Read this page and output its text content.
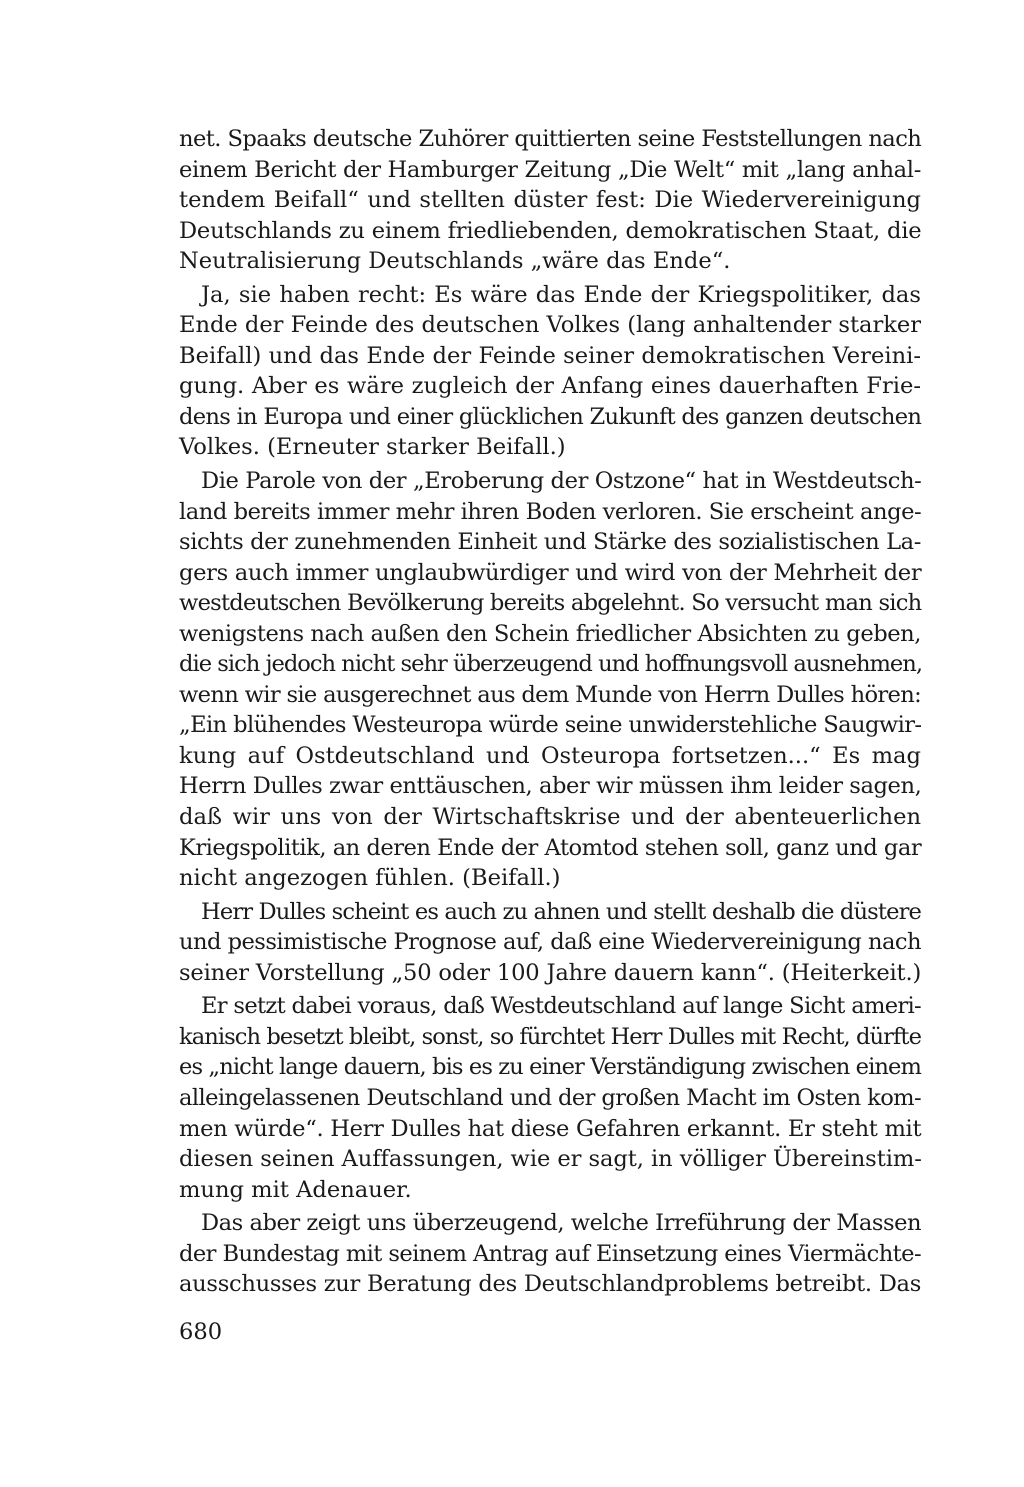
net. Spaaks deutsche Zuhörer quittierten seine Feststellungen nach
einem Bericht der Hamburger Zeitung „Die Welt“ mit „lang anhal-
tendem Beifall“ und stellten düster fest: Die Wiedervereinigung
Deutschlands zu einem friedliebenden, demokratischen Staat, die
Neutralisierung Deutschlands „wäre das Ende“.
Ja, sie haben recht: Es wäre das Ende der Kriegspolitiker, das
Ende der Feinde des deutschen Volkes (lang anhaltender starker
Beifall) und das Ende der Feinde seiner demokratischen Vereini-
gung. Aber es wäre zugleich der Anfang eines dauerhaften Frie-
dens in Europa und einer glücklichen Zukunft des ganzen deutschen
Volkes. (Erneuter starker Beifall.)
Die Parole von der „Eroberung der Ostzone“ hat in Westdeutsch-
land bereits immer mehr ihren Boden verloren. Sie erscheint ange-
sichts der zunehmenden Einheit und Stärke des sozialistischen La-
gers auch immer unglaubwürdiger und wird von der Mehrheit der
westdeutschen Bevölkerung bereits abgelehnt. So versucht man sich
wenigstens nach außen den Schein friedlicher Absichten zu geben,
die sich jedoch nicht sehr überzeugend und hoffnungsvoll ausnehmen,
wenn wir sie ausgerechnet aus dem Munde von Herrn Dulles hören:
„Ein blühendes Westeuropa würde seine unwiderstehliche Saugwir-
kung auf Ostdeutschland und Osteuropa fortsetzen...“ Es mag
Herrn Dulles zwar enttäuschen, aber wir müssen ihm leider sagen,
daß wir uns von der Wirtschaftskrise und der abenteuerlichen
Kriegspolitik, an deren Ende der Atomtod stehen soll, ganz und gar
nicht angezogen fühlen. (Beifall.)
Herr Dulles scheint es auch zu ahnen und stellt deshalb die düstere
und pessimistische Prognose auf, daß eine Wiedervereinigung nach
seiner Vorstellung „50 oder 100 Jahre dauern kann“. (Heiterkeit.)
Er setzt dabei voraus, daß Westdeutschland auf lange Sicht ameri-
kanisch besetzt bleibt, sonst, so fürchtet Herr Dulles mit Recht, dürfte
es „nicht lange dauern, bis es zu einer Verständigung zwischen einem
alleingelassenen Deutschland und der großen Macht im Osten kom-
men würde“. Herr Dulles hat diese Gefahren erkannt. Er steht mit
diesen seinen Auffassungen, wie er sagt, in völliger Übereinstim-
mung mit Adenauer.
Das aber zeigt uns überzeugend, welche Irreführung der Massen
der Bundestag mit seinem Antrag auf Einsetzung eines Viermächte-
ausschusses zur Beratung des Deutschlandproblems betreibt. Das
680
